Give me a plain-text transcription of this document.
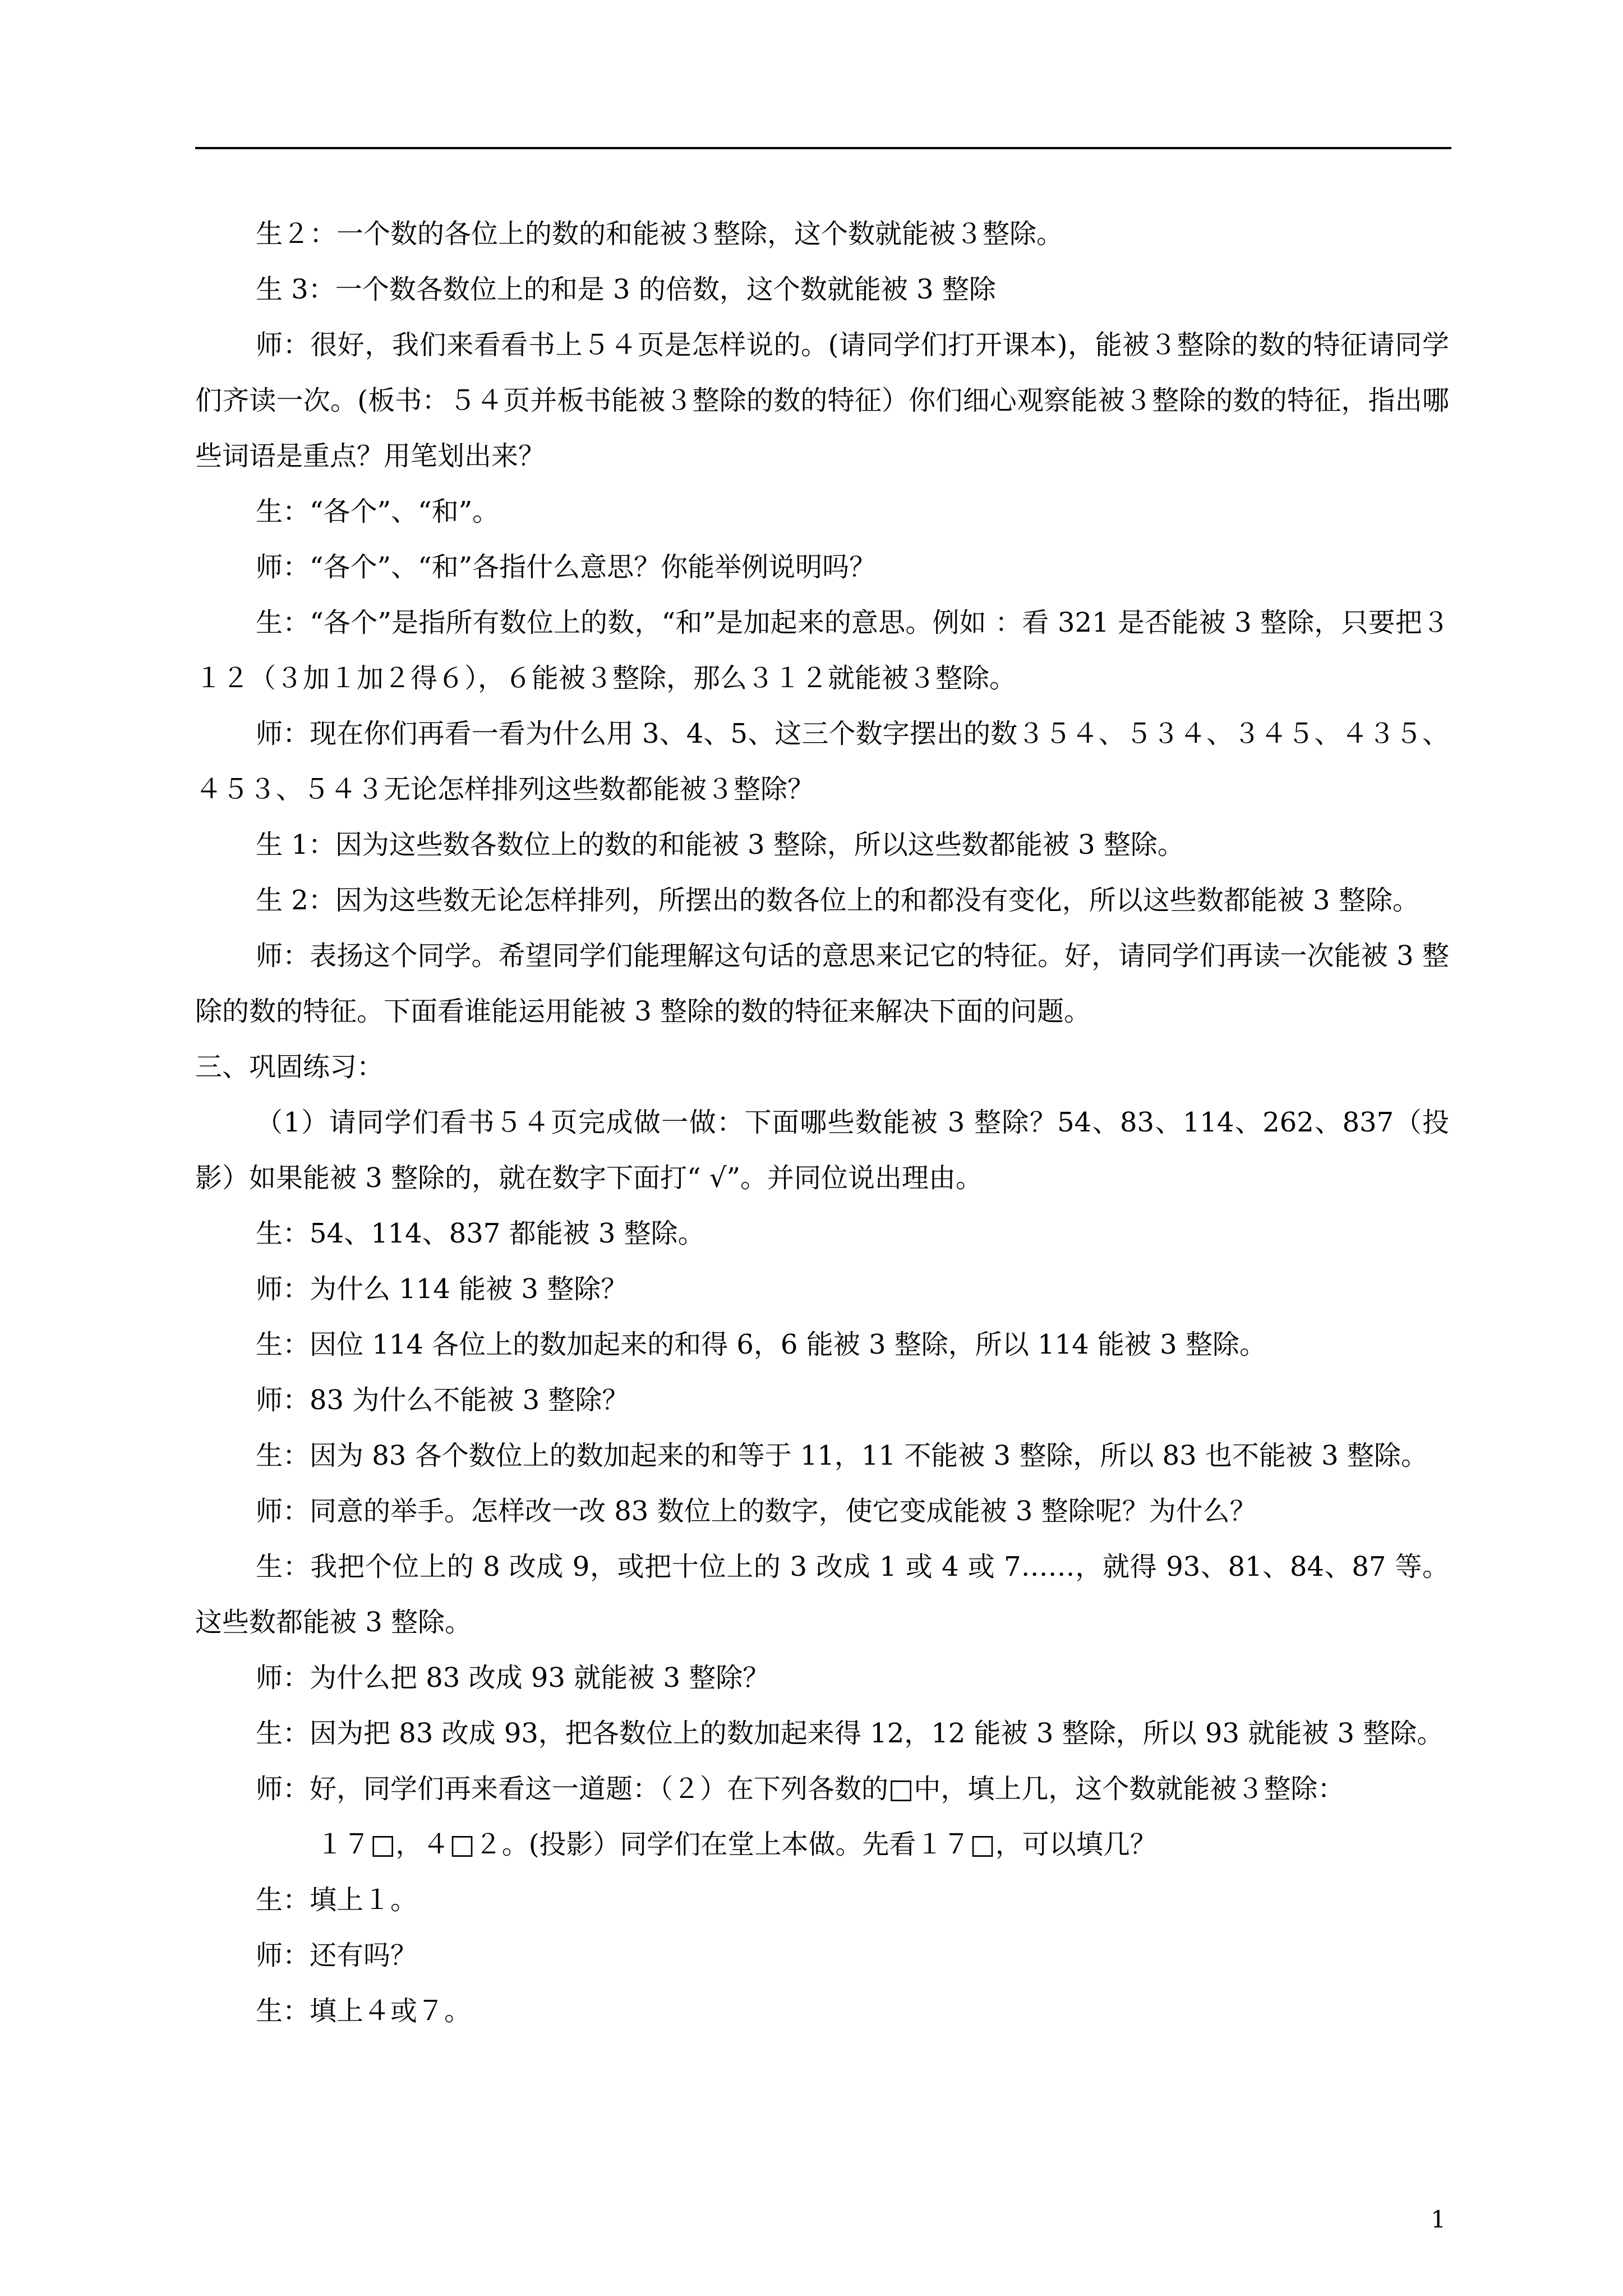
生２：一个数的各位上的数的和能被３整除，这个数就能被３整除。

生 3：一个数各数位上的和是 3 的倍数，这个数就能被 3 整除

师：很好，我们来看看书上５４页是怎样说的。(请同学们打开课本)，能被３整除的数的特征请同学们齐读一次。(板书：５４页并板书能被３整除的数的特征）你们细心观察能被３整除的数的特征，指出哪些词语是重点？用笔划出来？

生：“各个”、“和”。

师：“各个”、“和”各指什么意思？你能举例说明吗？

生：“各个”是指所有数位上的数，“和”是加起来的意思。例如 ：看 321 是否能被 3 整除，只要把３１２（３加１加２得６），６能被３整除，那么３１２就能被３整除。

师：现在你们再看一看为什么用 3、4、5、这三个数字摆出的数３５４、５３４、３４５、４３５、４５３、５４３无论怎样排列这些数都能被３整除？

生 1：因为这些数各数位上的数的和能被 3 整除，所以这些数都能被 3 整除。

生 2：因为这些数无论怎样排列，所摆出的数各位上的和都没有变化，所以这些数都能被 3 整除。

师：表扬这个同学。希望同学们能理解这句话的意思来记它的特征。好，请同学们再读一次能被 3 整除的数的特征。下面看谁能运用能被 3 整除的数的特征来解决下面的问题。

三、巩固练习：

（1）请同学们看书５４页完成做一做：下面哪些数能被 3 整除？54、83、114、262、837（投影）如果能被 3 整除的，就在数字下面打“ √”。并同位说出理由。

生：54、114、837 都能被 3 整除。

师：为什么 114 能被 3 整除？

生：因位 114 各位上的数加起来的和得 6，6 能被 3 整除，所以 114 能被 3 整除。

师：83 为什么不能被 3 整除？

生：因为 83 各个数位上的数加起来的和等于 11，11 不能被 3 整除，所以 83 也不能被 3 整除。

师：同意的举手。怎样改一改 83 数位上的数字，使它变成能被 3 整除呢？为什么？

生：我把个位上的 8 改成 9，或把十位上的 3 改成 1 或 4 或 7……，就得 93、81、84、87 等。这些数都能被 3 整除。

师：为什么把 83 改成 93 就能被 3 整除？

生：因为把 83 改成 93，把各数位上的数加起来得 12，12 能被 3 整除，所以 93 就能被 3 整除。

师：好，同学们再来看这一道题：（２）在下列各数的□中，填上几，这个数就能被３整除：

１７□，４□２。(投影）同学们在堂上本做。先看１７□，可以填几？

生：填上１。

师：还有吗？

生：填上４或７。

1
